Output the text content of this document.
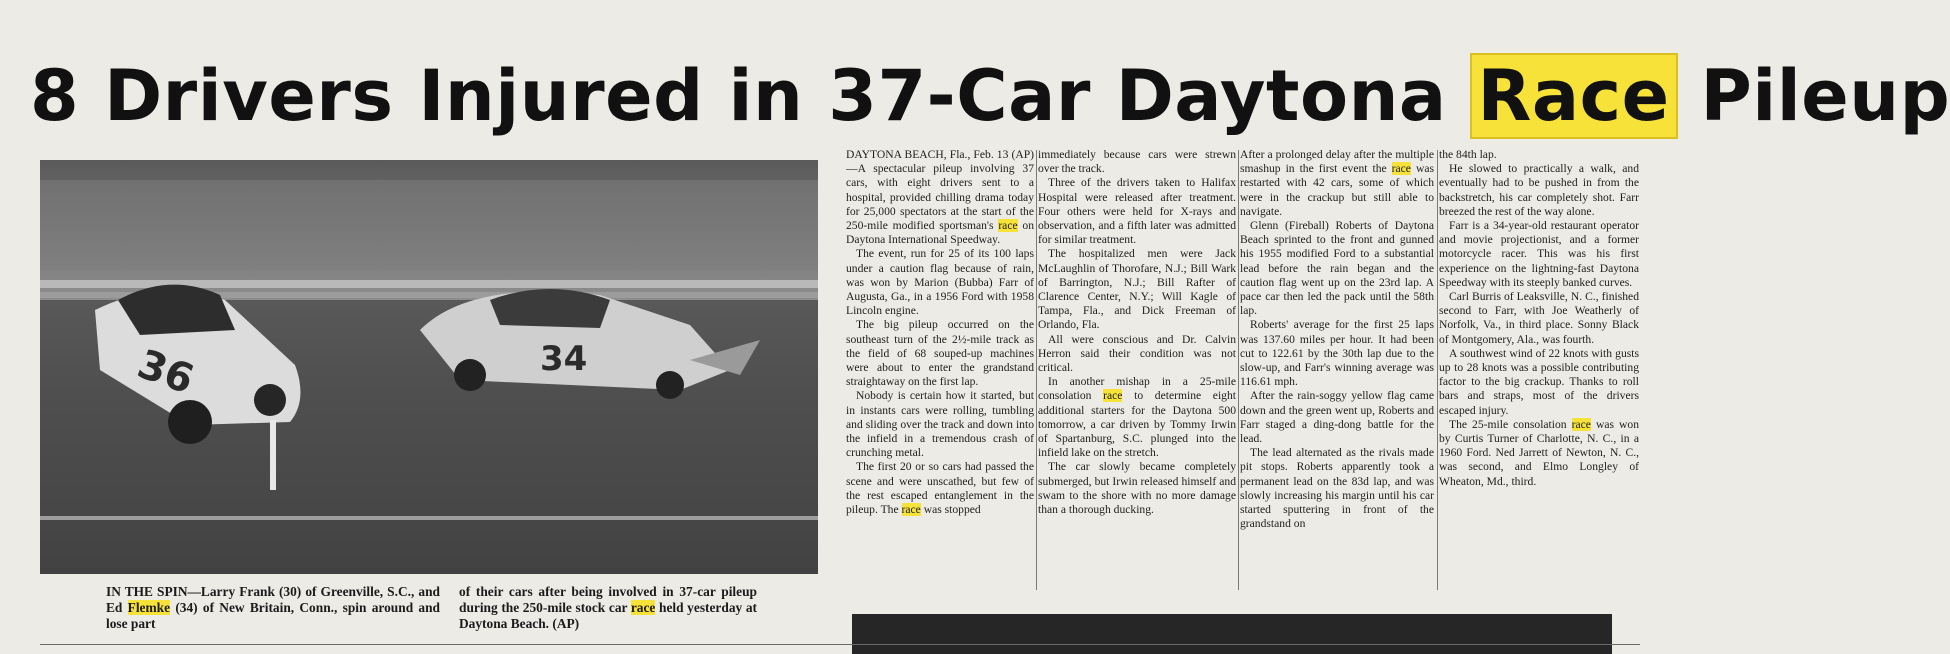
8 Drivers Injured in 37-Car Daytona Race Pileup
36	34

IN THE SPIN—Larry Frank (30) of Greenville, S.C., and Ed Flemke (34) of New Britain, Conn., spin around and lose part

of their cars after being involved in 37-car pileup during the 250-mile stock car race held yesterday at Daytona Beach. (AP)

DAYTONA BEACH, Fla., Feb. 13 (AP)—A spectacular pileup involving 37 cars, with eight drivers sent to a hospital, provided chilling drama today for 25,000 spectators at the start of the 250-mile modified sportsman's race on Daytona International Speedway.

The event, run for 25 of its 100 laps under a caution flag because of rain, was won by Marion (Bubba) Farr of Augusta, Ga., in a 1956 Ford with 1958 Lincoln engine.

The big pileup occurred on the southeast turn of the 2½-mile track as the field of 68 souped-up machines were about to enter the grandstand straightaway on the first lap.

Nobody is certain how it started, but in instants cars were rolling, tumbling and sliding over the track and down into the infield in a tremendous crash of crunching metal.

The first 20 or so cars had passed the scene and were unscathed, but few of the rest escaped entanglement in the pileup. The race was stopped

immediately because cars were strewn over the track.

Three of the drivers taken to Halifax Hospital were released after treatment. Four others were held for X-rays and observation, and a fifth later was admitted for similar treatment.

The hospitalized men were Jack McLaughlin of Thorofare, N.J.; Bill Wark of Barrington, N.J.; Bill Rafter of Clarence Center, N.Y.; Will Kagle of Tampa, Fla., and Dick Freeman of Orlando, Fla.

All were conscious and Dr. Calvin Herron said their condition was not critical.

In another mishap in a 25-mile consolation race to determine eight additional starters for the Daytona 500 tomorrow, a car driven by Tommy Irwin of Spartanburg, S.C. plunged into the infield lake on the stretch.

The car slowly became completely submerged, but Irwin released himself and swam to the shore with no more damage than a thorough ducking.

After a prolonged delay after the multiple smashup in the first event the race was restarted with 42 cars, some of which were in the crackup but still able to navigate.

Glenn (Fireball) Roberts of Daytona Beach sprinted to the front and gunned his 1955 modified Ford to a substantial lead before the rain began and the caution flag went up on the 23rd lap. A pace car then led the pack until the 58th lap.

Roberts' average for the first 25 laps was 137.60 miles per hour. It had been cut to 122.61 by the 30th lap due to the slow-up, and Farr's winning average was 116.61 mph.

After the rain-soggy yellow flag came down and the green went up, Roberts and Farr staged a ding-dong battle for the lead.

The lead alternated as the rivals made pit stops. Roberts apparently took a permanent lead on the 83d lap, and was slowly increasing his margin until his car started sputtering in front of the grandstand on

the 84th lap.

He slowed to practically a walk, and eventually had to be pushed in from the backstretch, his car completely shot. Farr breezed the rest of the way alone.

Farr is a 34-year-old restaurant operator and movie projectionist, and a former motorcycle racer. This was his first experience on the lightning-fast Daytona Speedway with its steeply banked curves.

Carl Burris of Leaksville, N. C., finished second to Farr, with Joe Weatherly of Norfolk, Va., in third place. Sonny Black of Montgomery, Ala., was fourth.

A southwest wind of 22 knots with gusts up to 28 knots was a possible contributing factor to the big crackup. Thanks to roll bars and straps, most of the drivers escaped injury.

The 25-mile consolation race was won by Curtis Turner of Charlotte, N. C., in a 1960 Ford. Ned Jarrett of Newton, N. C., was second, and Elmo Longley of Wheaton, Md., third.
